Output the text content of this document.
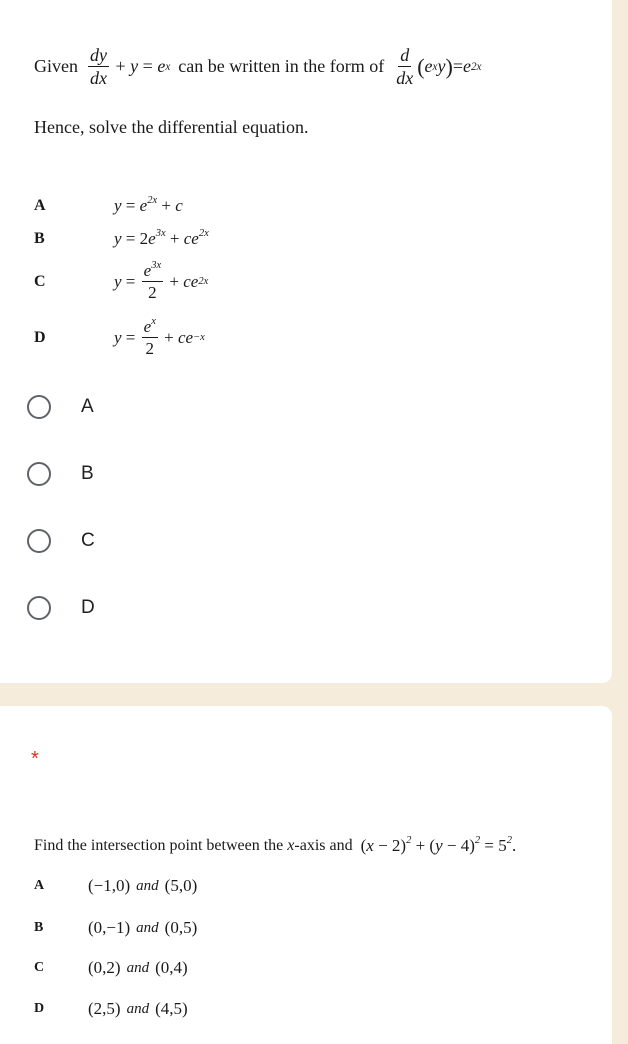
Given $\frac{dy}{dx} + y = e$ x can be written in the form of $\frac{d}{dx}$ ( e x y ) = e 2x
Hence, solve the differential equation.
A	$y = e^{2x} + c$
B	$y = 2e^{3x} + ce^{2x}$
C	$y = \frac{e^{3x}}{2}$ + ce 2x
D	$y = \frac{e^x}{2}$ + ce −x
A
B
C
D
*
Find the intersection point between the x -axis and $(x - 2)^2 + (y - 4)^2 = 5^2$.
A	(−1,0) and (5,0)
B	(0,−1) and (0,5)
C	(0,2) and (0,4)
D	(2,5) and (4,5)
